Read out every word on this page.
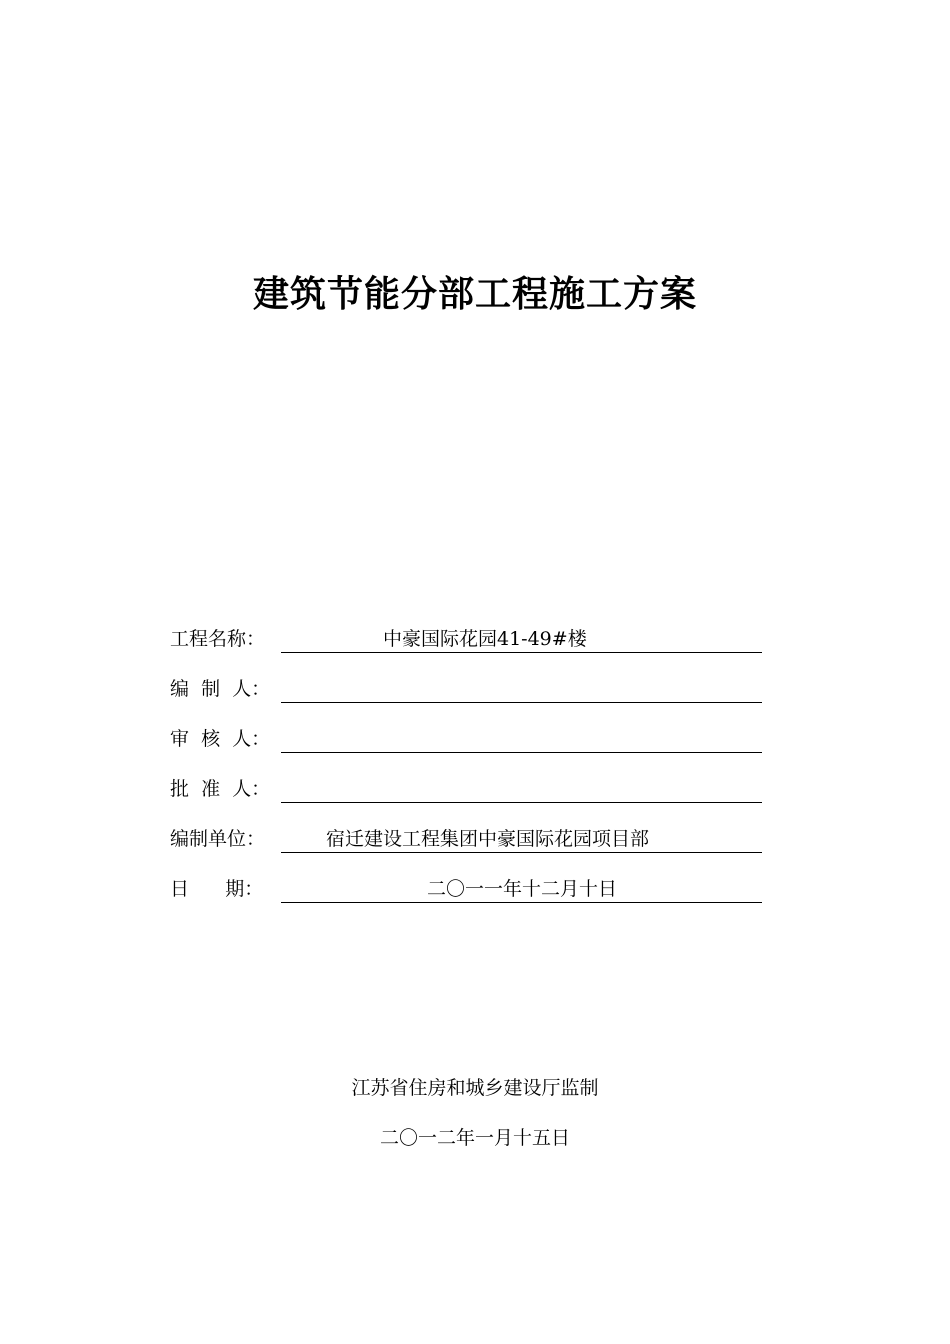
建筑节能分部工程施工方案
工程名称：	中豪国际花园41-49#楼
编  制  人：
审  核  人：
批  准  人：
编制单位：	宿迁建设工程集团中豪国际花园项目部
日      期：	二〇一一年十二月十日
江苏省住房和城乡建设厅监制
二〇一二年一月十五日
